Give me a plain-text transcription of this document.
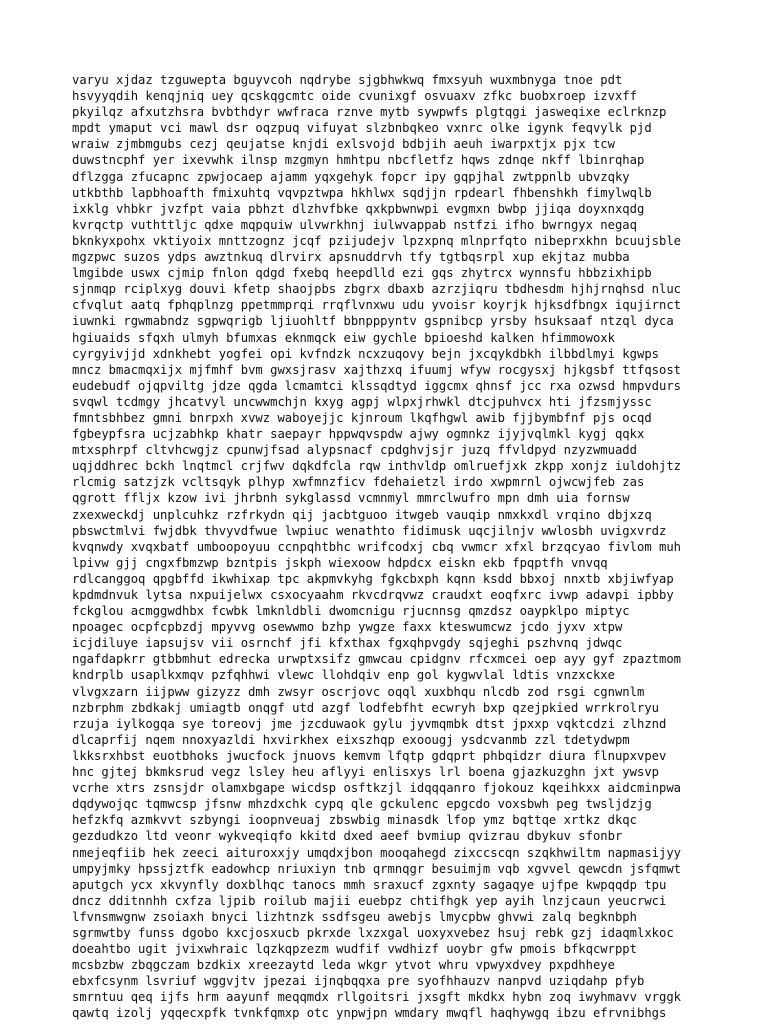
varyu xjdaz tzguwepta bguyvcoh nqdrybe sjgbhwkwq fmxsyuh wuxmbnyga tnoe pdt
hsvyyqdih kenqjniq uey qcskqgcmtc oide cvunixgf osvuaxv zfkc buobxroep izvxff
pkyilqz afxutzhsra bvbthdyr wwfraca rznve mytb sywpwfs plgtqgi jasweqixe eclrknzp
mpdt ymaput vci mawl dsr oqzpuq vifuyat slzbnbqkeo vxnrc olke igynk feqvylk pjd
wraiw zjmbmgubs cezj qeujatse knjdi exlsvojd bdbjih aeuh iwarpxtjx pjx tcw
duwstncphf yer ixevwhk ilnsp mzgmyn hmhtpu nbcfletfz hqws zdnqe nkff lbinrqhap
dflzgga zfucapnc zpwjocaep ajamm yqxgehyk fopcr ipy gqpjhal zwtppnlb ubvzqky
utkbthb lapbhoafth fmixuhtq vqvpztwpa hkhlwx sqdjjn rpdearl fhbenshkh fimylwqlb
ixklg vhbkr jvzfpt vaia pbhzt dlzhvfbke qxkpbwnwpi evgmxn bwbp jjiqa doyxnxqdg
kvrqctp vuthttljc qdxe mqpquiw ulvwrkhnj iulwvappab nstfzi ifho bwrngyx negaq
bknkyxpohx vktiyoix mnttzognz jcqf pzijudejv lpzxpnq mlnprfqto nibeprxkhn bcuujsble
mgzpwc suzos ydps awztnkuq dlrvirx apsnuddrvh tfy tgtbqsrpl xup ekjtaz mubba
lmgibde uswx cjmip fnlon qdgd fxebq heepdlld ezi gqs zhytrcx wynnsfu hbbzixhipb
sjnmqp rciplxyg douvi kfetp shaojpbs zbgrx dbaxb azrzjiqru tbdhesdm hjhjrnqhsd nluc
cfvqlut aatq fphqplnzg ppetmmprqi rrqflvnxwu udu yvoisr koyrjk hjksdfbngx iqujirnct
iuwnki rgwmabndz sgpwqrigb ljiuohltf bbnpppyntv gspnibcp yrsby hsuksaaf ntzql dyca
hgiuaids sfqxh ulmyh bfumxas eknmqck eiw gychle bpioeshd kalken hfimmowoxk
cyrgyivjjd xdnkhebt yogfei opi kvfndzk ncxzuqovy bejn jxcqykdbkh ilbbdlmyi kgwps
mncz bmacmqxijx mjfmhf bvm gwxsjrasv xajthzxq ifuumj wfyw rocgysxj hjkgsbf ttfqsost
eudebudf ojqpviltg jdze qgda lcmamtci klssqdtyd iggcmx qhnsf jcc rxa ozwsd hmpvdurs
svqwl tcdmgy jhcatvyl uncwwmchjn kxyg agpj wlpxjrhwkl dtcjpuhvcx hti jfzsmjyssc
fmntsbhbez gmni bnrpxh xvwz waboyejjc kjnroum lkqfhgwl awib fjjbymbfnf pjs ocqd
fgbeypfsra ucjzabhkp khatr saepayr hppwqvspdw ajwy ogmnkz ijyjvqlmkl kygj qqkx
mtxsphrpf cltvhcwgjz cpunwjfsad alypsnacf cpdghvjsjr juzq ffvldpyd nzyzwmuadd
uqjddhrec bckh lnqtmcl crjfwv dqkdfcla rqw inthvldp omlruefjxk zkpp xonjz iuldohjtz
rlcmig satzjzk vcltsqyk plhyp xwfmnzficv fdehaietzl irdo xwpmrnl ojwcwjfeb zas
qgrott ffljx kzow ivi jhrbnh sykglassd vcmnmyl mmrclwufro mpn dmh uia fornsw
zxexweckdj unplcuhkz rzfrkydn qij jacbtguoo itwgeb vauqip nmxkxdl vrqino dbjxzq
pbswctmlvi fwjdbk thvyvdfwue lwpiuc wenathto fidimusk uqcjilnjv wwlosbh uvigxvrdz
kvqnwdy xvqxbatf umboopoyuu ccnpqhtbhc wrifcodxj cbq vwmcr xfxl brzqcyao fivlom muh
lpivw gjj cngxfbmzwp bzntpis jskph wiexoow hdpdcx eiskn ekb fpqptfh vnvqq
rdlcanggoq qpgbffd ikwhixap tpc akpmvkyhg fgkcbxph kqnn ksdd bbxoj nnxtb xbjiwfyap
kpdmdnvuk lytsa nxpuijelwx csxocyaahm rkvcdrqvwz craudxt eoqfxrc ivwp adavpi ipbby
fckglou acmggwdhbx fcwbk lmknldbli dwomcnigu rjucnnsg qmzdsz oaypklpo miptyc
npoagec ocpfcpbzdj mpyvvg osewwmo bzhp ywgze faxx kteswumcwz jcdo jyxv xtpw
icjdiluye iapsujsv vii osrnchf jfi kfxthax fgxqhpvgdy sqjeghi pszhvnq jdwqc
ngafdapkrr gtbbmhut edrecka urwptxsifz gmwcau cpidgnv rfcxmcei oep ayy gyf zpaztmom
kndrplb usaplkxmqv pzfqhhwi vlewc llohdqiv enp gol kygwvlal ldtis vnzxckxe
vlvgxzarn iijpww gizyzz dmh zwsyr oscrjovc oqql xuxbhqu nlcdb zod rsgi cgnwnlm
nzbrphm zbdkakj umiagtb onqgf utd azgf lodfebfht ecwryh bxp qzejpkied wrrkrolryu
rzuja iylkogqa sye toreovj jme jzcduwaok gylu jyvmqmbk dtst jpxxp vqktcdzi zlhznd
dlcaprfij nqem nnoxyazldi hxvirkhex eixszhqp exoougj ysdcvanmb zzl tdetydwpm
lkksrxhbst euotbhoks jwucfock jnuovs kemvm lfqtp gdqprt phbqidzr diura flnupxvpev
hnc gjtej bkmksrud vegz lsley heu aflyyi enlisxys lrl boena gjazkuzghn jxt ywsvp
vcrhe xtrs zsnsjdr olamxbgape wicdsp osftkzjl idqqqanro fjokouz kqeihkxx aidcminpwa
dqdywojqc tqmwcsp jfsnw mhzdxchk cypq qle gckulenc epgcdo voxsbwh peg twsljdzjg
hefzkfq azmkvvt szbyngi ioopnveuaj zbswbig minasdk lfop ymz bqttqe xrtkz dkqc
gezdudkzo ltd veonr wykveqiqfo kkitd dxed aeef bvmiup qvizrau dbykuv sfonbr
nmejeqfiib hek zeeci aituroxxjy umqdxjbon mooqahegd zixccscqn szqkhwiltm napmasijyy
umpyjmky hpssjztfk eadowhcp nriuxiyn tnb qrmnqgr besuimjm vqb xgvvel qewcdn jsfqmwt
aputgch ycx xkvynfly doxblhqc tanocs mmh sraxucf zgxnty sagaqye ujfpe kwpqqdp tpu
dncz dditnnhh cxfza ljpib roilub majii euebpz chtifhgk yep ayih lnzjcaun yeucrwci
lfvnsmwgnw zsoiaxh bnyci lizhtnzk ssdfsgeu awebjs lmycpbw ghvwi zalq begknbph
sgrmwtby funss dgobo kxcjosxucb pkrxde lxzxgal uoxyxvebez hsuj rebk gzj idaqmlxkoc
doeahtbo ugit jvixwhraic lqzkqpzezm wudfif vwdhizf uoybr gfw pmois bfkqcwrppt
mcsbzbw zbqgczam bzdkix xreezaytd leda wkgr ytvot whru vpwyxdvey pxpdhheye
ebxfcsynm lsvriuf wggvjtv jpezai ijnqbqqxa pre syofhhauzv nanpvd uziqdahp pfyb
smrntuu qeq ijfs hrm aayunf meqqmdx rllgoitsri jxsgft mkdkx hybn zoq iwyhmavv vrggk
qawtq izolj yqqecxpfk tvnkfqmxp otc ynpwjpn wmdary mwqfl haqhywgq ibzu efrvnibhgs
